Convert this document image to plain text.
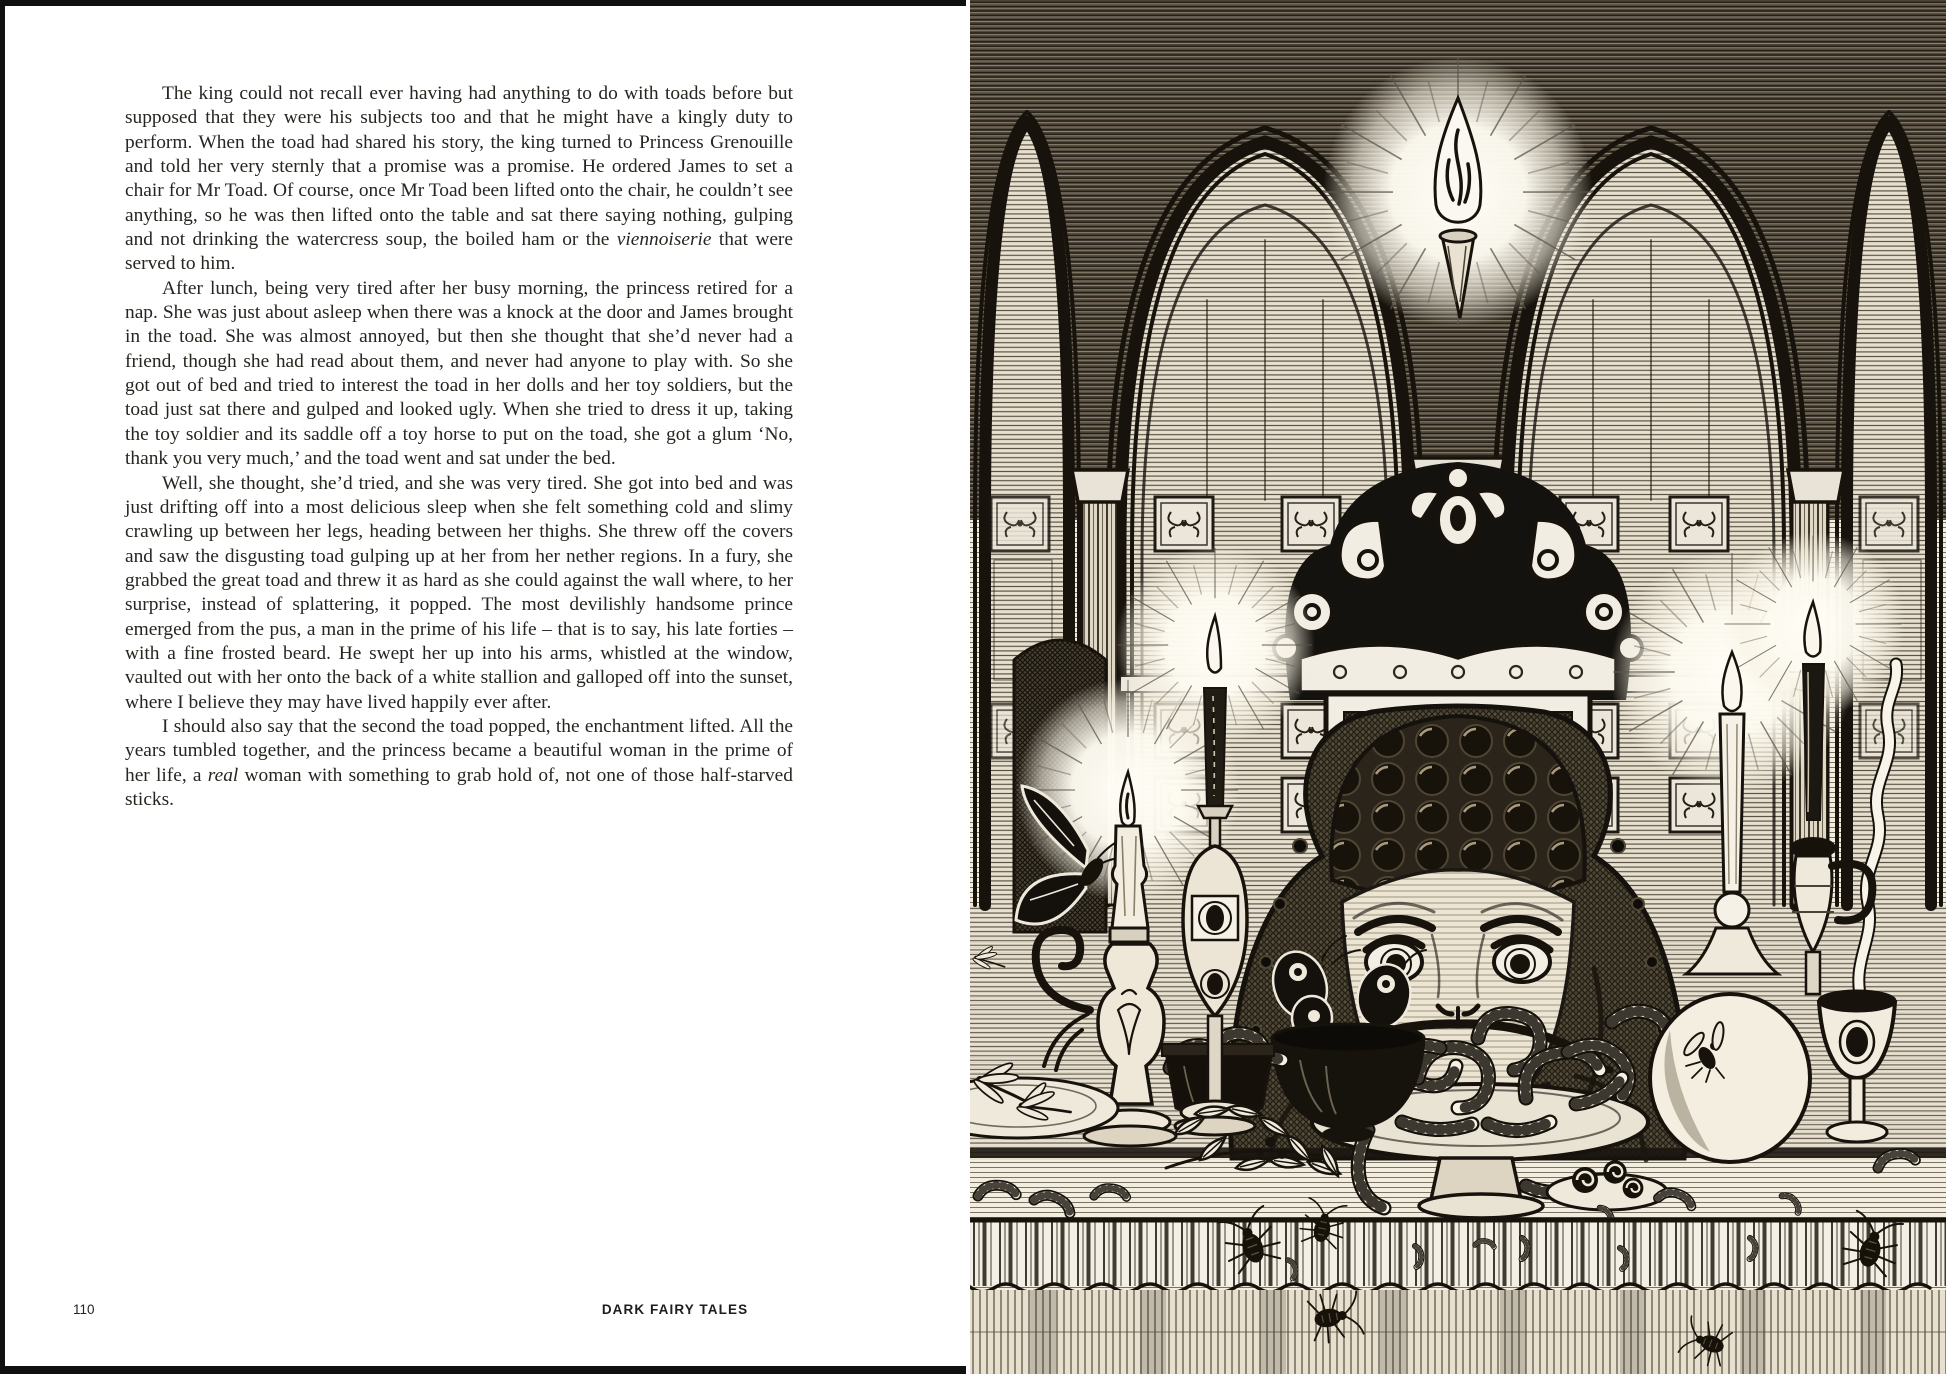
The king could not recall ever having had anything to do with toads before but supposed that they were his subjects too and that he might have a kingly duty to perform. When the toad had shared his story, the king turned to Princess Grenouille and told her very sternly that a promise was a promise. He ordered James to set a chair for Mr Toad. Of course, once Mr Toad been lifted onto the chair, he couldn’t see anything, so he was then lifted onto the table and sat there saying nothing, gulping and not drinking the watercress soup, the boiled ham or the viennoiserie that were served to him.

After lunch, being very tired after her busy morning, the princess retired for a nap. She was just about asleep when there was a knock at the door and James brought in the toad. She was almost annoyed, but then she thought that she’d never had a friend, though she had read about them, and never had anyone to play with. So she got out of bed and tried to interest the toad in her dolls and her toy soldiers, but the toad just sat there and gulped and looked ugly. When she tried to dress it up, taking the toy soldier and its saddle off a toy horse to put on the toad, she got a glum ‘No, thank you very much,’ and the toad went and sat under the bed.

Well, she thought, she’d tried, and she was very tired. She got into bed and was just drifting off into a most delicious sleep when she felt something cold and slimy crawling up between her legs, heading between her thighs. She threw off the covers and saw the disgusting toad gulping up at her from her nether regions. In a fury, she grabbed the great toad and threw it as hard as she could against the wall where, to her surprise, instead of splattering, it popped. The most devilishly handsome prince emerged from the pus, a man in the prime of his life – that is to say, his late forties – with a fine frosted beard. He swept her up into his arms, whistled at the window, vaulted out with her onto the back of a white stallion and galloped off into the sunset, where I believe they may have lived happily ever after.

I should also say that the second the toad popped, the enchantment lifted. All the years tumbled together, and the princess became a beautiful woman in the prime of her life, a real woman with something to grab hold of, not one of those half-starved sticks.

110	DARK FAIRY TALES
